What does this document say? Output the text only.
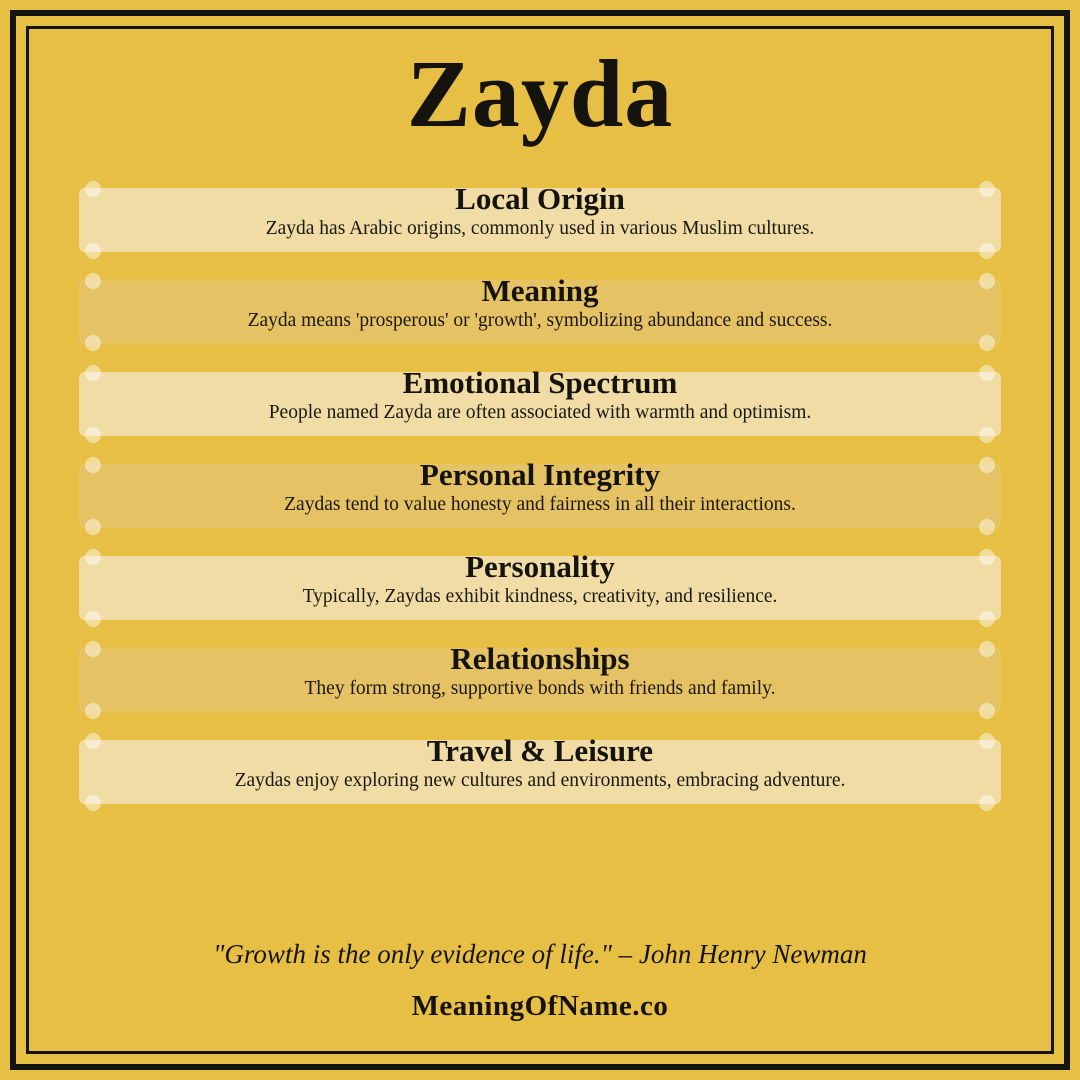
Zayda

Local Origin

Zayda has Arabic origins, commonly used in various Muslim cultures.

Meaning

Zayda means 'prosperous' or 'growth', symbolizing abundance and success.

Emotional Spectrum

People named Zayda are often associated with warmth and optimism.

Personal Integrity

Zaydas tend to value honesty and fairness in all their interactions.

Personality

Typically, Zaydas exhibit kindness, creativity, and resilience.

Relationships

They form strong, supportive bonds with friends and family.

Travel & Leisure

Zaydas enjoy exploring new cultures and environments, embracing adventure.

"Growth is the only evidence of life." – John Henry Newman
MeaningOfName.co
